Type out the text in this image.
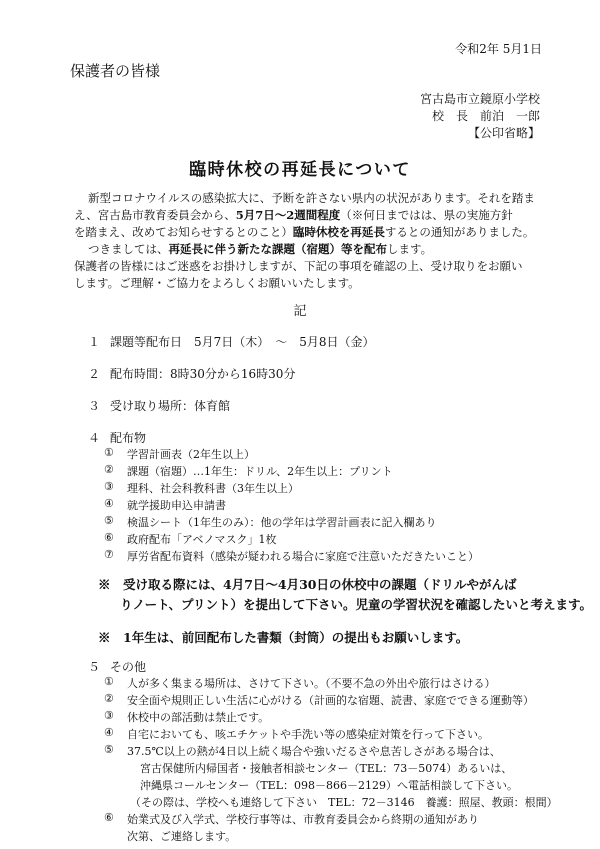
令和2年 5月1日
保護者の皆様
宮古島市立鏡原小学校
校　長　前泊　一郎
【公印省略】
臨時休校の再延長について
新型コロナウイルスの感染拡大に、予断を許さない県内の状況があります。それを踏ま
え、宮古島市教育委員会から、5月7日～2週間程度（※何日まではは、県の実施方針
を踏まえ、改めてお知らせするとのこと）臨時休校を再延長するとの通知がありました。
つきましては、再延長に伴う新たな課題（宿題）等を配布します。
保護者の皆様にはご迷惑をお掛けしますが、下記の事項を確認の上、受け取りをお願い
します。ご理解・ご協力をよろしくお願いいたします。
記
１ 課題等配布日　5月7日（木）　～　5月8日（金）
２ 配布時間：8時30分から16時30分
３ 受け取り場所：体育館
４ 配布物
① 学習計画表（2年生以上）
② 課題（宿題）…1年生：ドリル、2年生以上：プリント
③ 理科、社会科教科書（3年生以上）
④ 就学援助申込申請書
⑤ 検温シート（1年生のみ）：他の学年は学習計画表に記入欄あり
⑥ 政府配布「アベノマスク」1枚
⑦ 厚労省配布資料（感染が疑われる場合に家庭で注意いただきたいこと）
※　受け取る際には、4月7日～4月30日の休校中の課題（ドリルやがんば
りノート、プリント）を提出して下さい。児童の学習状況を確認したいと考えます。
※　1年生は、前回配布した書類（封筒）の提出もお願いします。
５ その他
① 人が多く集まる場所は、さけて下さい。（不要不急の外出や旅行はさける）
② 安全面や規則正しい生活に心がける（計画的な宿題、読書、家庭でできる運動等）
③ 休校中の部活動は禁止です。
④ 自宅においても、咳エチケットや手洗い等の感染症対策を行って下さい。
⑤ 37.5℃以上の熱が4日以上続く場合や強いだるさや息苦しさがある場合は、
宮古保健所内帰国者・接触者相談センター（TEL：73－5074）あるいは、
沖縄県コールセンター（TEL：098－866－2129）へ電話相談して下さい。
（その際は、学校へも連絡して下さい　TEL：72－3146　養護：照屋、教頭：根間）
⑥ 始業式及び入学式、学校行事等は、市教育委員会から終期の通知があり
次第、ご連絡します。
